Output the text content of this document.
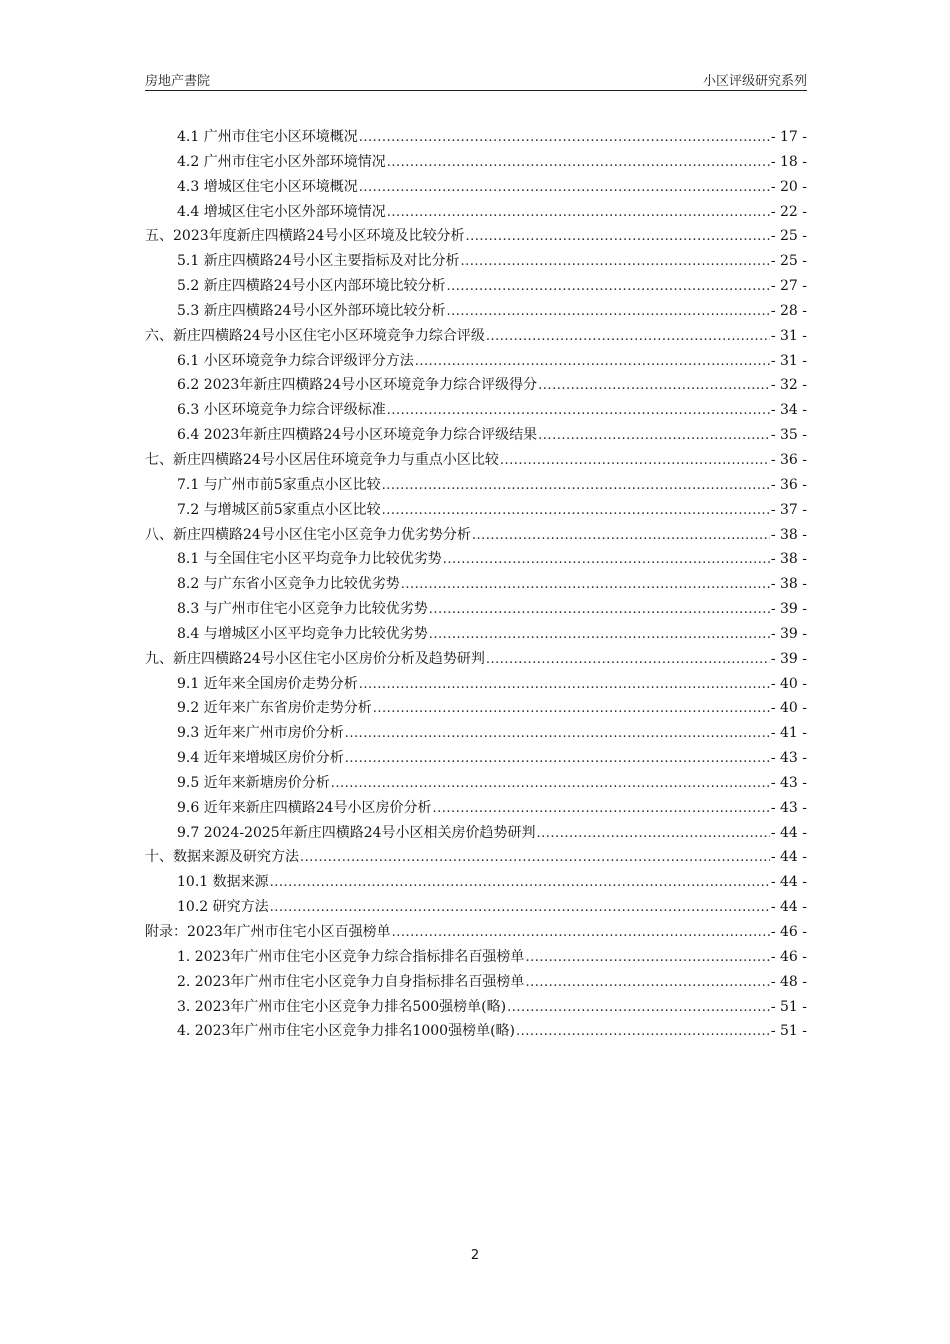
房地产書院	小区评级研究系列
4.1 广州市住宅小区环境概况 .....	- 17 -
4.2 广州市住宅小区外部环境情况 .....	- 18 -
4.3 增城区住宅小区环境概况 .....	- 20 -
4.4 增城区住宅小区外部环境情况 .....	- 22 -
五、2023年度新庄四横路24号小区环境及比较分析 .....	- 25 -
5.1 新庄四横路24号小区主要指标及对比分析 .....	- 25 -
5.2 新庄四横路24号小区内部环境比较分析 .....	- 27 -
5.3 新庄四横路24号小区外部环境比较分析 .....	- 28 -
六、新庄四横路24号小区住宅小区环境竞争力综合评级 .....	- 31 -
6.1 小区环境竞争力综合评级评分方法 .....	- 31 -
6.2 2023年新庄四横路24号小区环境竞争力综合评级得分 .....	- 32 -
6.3 小区环境竞争力综合评级标准 .....	- 34 -
6.4 2023年新庄四横路24号小区环境竞争力综合评级结果 .....	- 35 -
七、新庄四横路24号小区居住环境竞争力与重点小区比较 .....	- 36 -
7.1 与广州市前5家重点小区比较 .....	- 36 -
7.2 与增城区前5家重点小区比较 .....	- 37 -
八、新庄四横路24号小区住宅小区竞争力优劣势分析 .....	- 38 -
8.1 与全国住宅小区平均竞争力比较优劣势 .....	- 38 -
8.2 与广东省小区竞争力比较优劣势 .....	- 38 -
8.3 与广州市住宅小区竞争力比较优劣势 .....	- 39 -
8.4 与增城区小区平均竞争力比较优劣势 .....	- 39 -
九、新庄四横路24号小区住宅小区房价分析及趋势研判 .....	- 39 -
9.1 近年来全国房价走势分析 .....	- 40 -
9.2 近年来广东省房价走势分析 .....	- 40 -
9.3 近年来广州市房价分析 .....	- 41 -
9.4 近年来增城区房价分析 .....	- 43 -
9.5 近年来新塘房价分析 .....	- 43 -
9.6 近年来新庄四横路24号小区房价分析 .....	- 43 -
9.7 2024-2025年新庄四横路24号小区相关房价趋势研判 .....	- 44 -
十、数据来源及研究方法 .....	- 44 -
10.1 数据来源 .....	- 44 -
10.2 研究方法 .....	- 44 -
附录：2023年广州市住宅小区百强榜单 .....	- 46 -
1. 2023年广州市住宅小区竞争力综合指标排名百强榜单 .....	- 46 -
2. 2023年广州市住宅小区竞争力自身指标排名百强榜单 .....	- 48 -
3. 2023年广州市住宅小区竞争力排名500强榜单(略) .....	- 51 -
4. 2023年广州市住宅小区竞争力排名1000强榜单(略) .....	- 51 -
2
